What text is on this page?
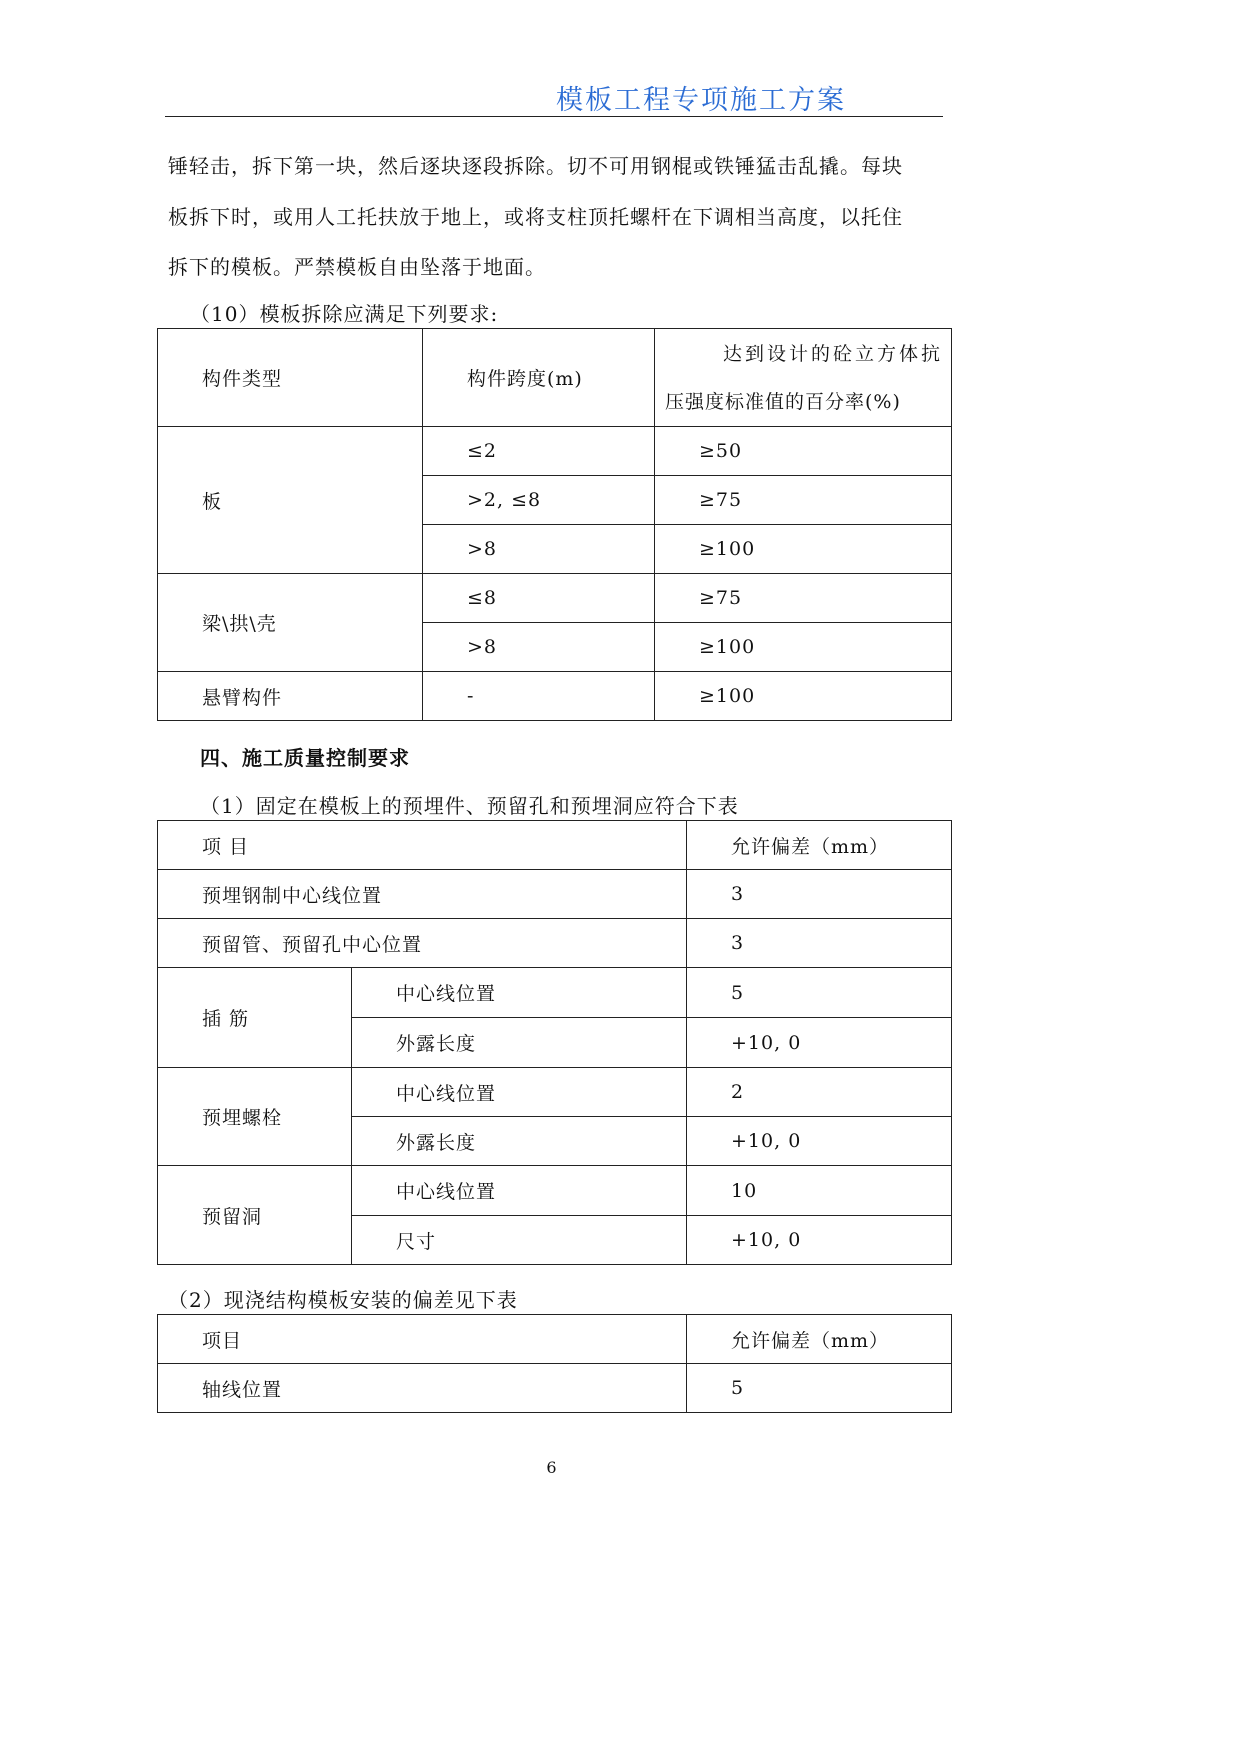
模板工程专项施工方案
锤轻击，拆下第一块，然后逐块逐段拆除。切不可用钢棍或铁锤猛击乱撬。每块
板拆下时，或用人工托扶放于地上，或将支柱顶托螺杆在下调相当高度，以托住
拆下的模板。严禁模板自由坠落于地面。
（10）模板拆除应满足下列要求:
构件类型	构件跨度(m)	达到设计的砼立方体抗
压强度标准值的百分率(%)

板	≤2	≥50
	>2, ≤8	≥75
	>8	≥100
梁\拱\壳	≤8	≥75
	>8	≥100
悬臂构件	-	≥100
四、施工质量控制要求
（1）固定在模板上的预埋件、预留孔和预埋洞应符合下表
项 目		允许偏差（mm）
预埋钢制中心线位置		3
预留管、预留孔中心位置		3
插 筋	中心线位置	5
	外露长度	+10, 0
预埋螺栓	中心线位置	2
	外露长度	+10, 0
预留洞	中心线位置	10
	尺寸	+10, 0
（2）现浇结构模板安装的偏差见下表
项目	允许偏差（mm）
轴线位置	5
6
